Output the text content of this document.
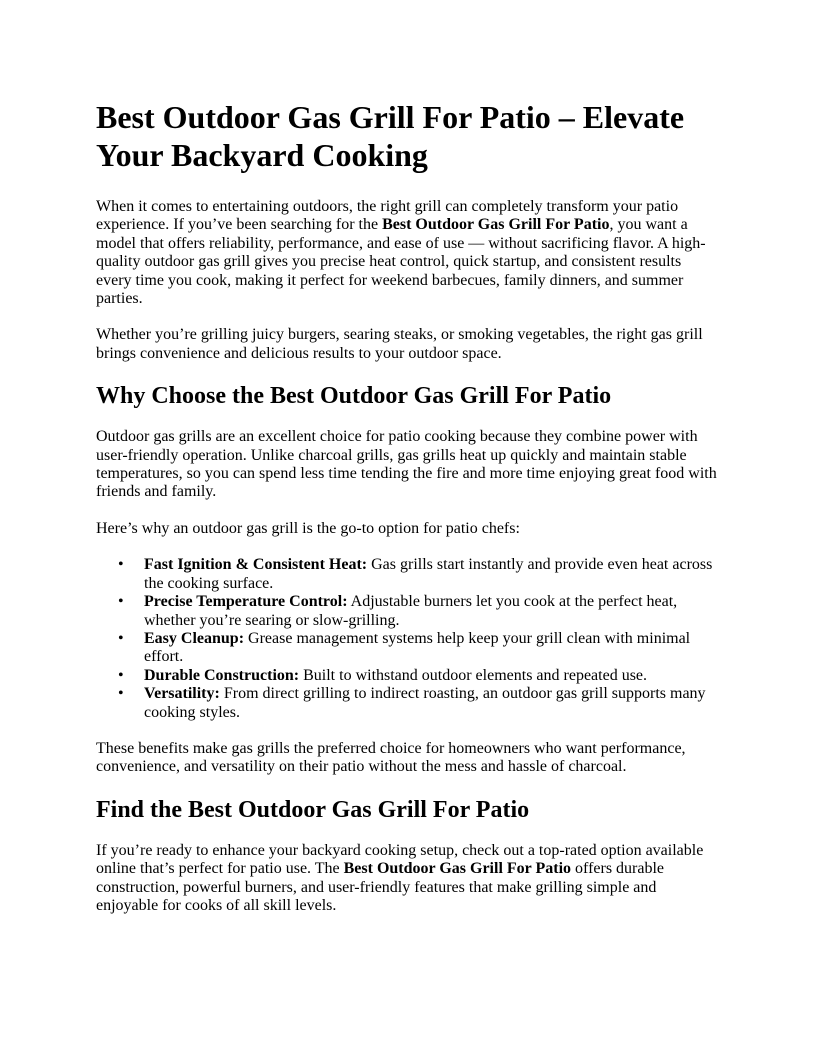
Best Outdoor Gas Grill For Patio – Elevate Your Backyard Cooking

When it comes to entertaining outdoors, the right grill can completely transform your patio experience. If you’ve been searching for the Best Outdoor Gas Grill For Patio, you want a model that offers reliability, performance, and ease of use — without sacrificing flavor. A high-quality outdoor gas grill gives you precise heat control, quick startup, and consistent results every time you cook, making it perfect for weekend barbecues, family dinners, and summer parties.

Whether you’re grilling juicy burgers, searing steaks, or smoking vegetables, the right gas grill brings convenience and delicious results to your outdoor space.

Why Choose the Best Outdoor Gas Grill For Patio

Outdoor gas grills are an excellent choice for patio cooking because they combine power with user-friendly operation. Unlike charcoal grills, gas grills heat up quickly and maintain stable temperatures, so you can spend less time tending the fire and more time enjoying great food with friends and family.

Here’s why an outdoor gas grill is the go-to option for patio chefs:

• Fast Ignition & Consistent Heat: Gas grills start instantly and provide even heat across the cooking surface.
• Precise Temperature Control: Adjustable burners let you cook at the perfect heat, whether you’re searing or slow-grilling.
• Easy Cleanup: Grease management systems help keep your grill clean with minimal effort.
• Durable Construction: Built to withstand outdoor elements and repeated use.
• Versatility: From direct grilling to indirect roasting, an outdoor gas grill supports many cooking styles.

These benefits make gas grills the preferred choice for homeowners who want performance, convenience, and versatility on their patio without the mess and hassle of charcoal.

Find the Best Outdoor Gas Grill For Patio

If you’re ready to enhance your backyard cooking setup, check out a top-rated option available online that’s perfect for patio use. The Best Outdoor Gas Grill For Patio offers durable construction, powerful burners, and user-friendly features that make grilling simple and enjoyable for cooks of all skill levels.
